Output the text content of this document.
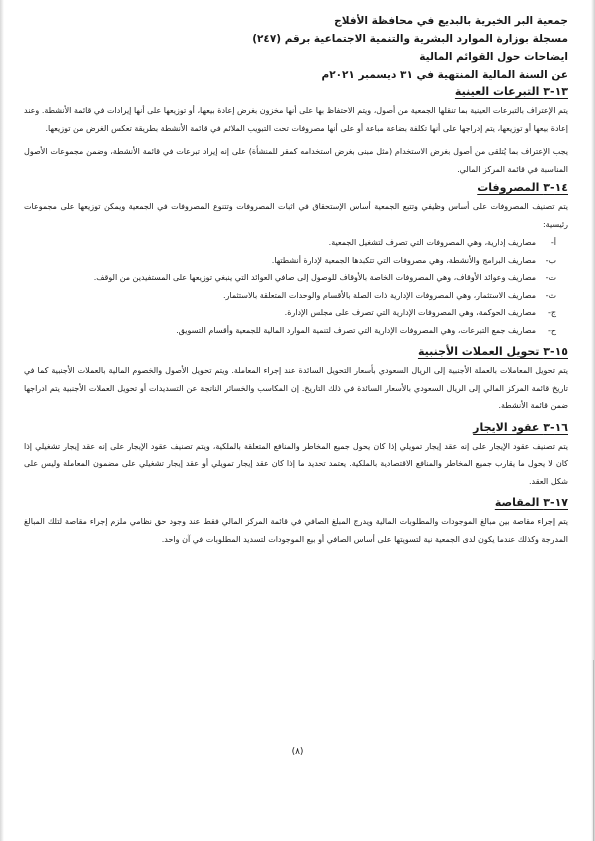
جمعية البر الخيرية بالبديع في محافظة الأفلاج
مسجلة بوزارة الموارد البشرية والتنمية الاجتماعية برقم (٢٤٧)
ايضاحات حول القوائم المالية
عن السنة المالية المنتهية في ٣١ ديسمبر ٢٠٢١م
١٣-٣ التبرعات العينية

يتم الإعتراف بالتبرعات العينية بما تنقلها الجمعية من أصول، ويتم الاحتفاظ بها على أنها مخزون بغرض إعادة بيعها، أو توزيعها على أنها إيرادات في قائمة الأنشطة. وعند إعادة بيعها أو توزيعها، يتم إدراجها على أنها تكلفة بضاعة مباعة أو على أنها مصروفات تحت التبويب الملائم في قائمة الأنشطة بطريقة تعكس الغرض من توزيعها.

يجب الإعتراف بما يُتلقى من أصول بغرض الاستخدام (مثل مبنى بغرض استخدامه كمقر للمنشأة) على إنه إيراد تبرعات في قائمة الأنشطة، وضمن مجموعات الأصول المناسبة في قائمة المركز المالي.

١٤-٣ المصروفات

يتم تصنيف المصروفات على أساس وظيفي وتتبع الجمعية أساس الإستحقاق في اثبات المصروفات وتتنوع المصروفات في الجمعية ويمكن توزيعها على مجموعات رئيسية:

أ-
مصاريف إدارية، وهي المصروفات التي تصرف لتشغيل الجمعية.
ب-
مصاريف البرامج والأنشطة، وهي مصروفات التي تتكبدها الجمعية لإدارة أنشطتها.
ت-
مصاريف وعوائد الأوقاف، وهي المصروفات الخاصة بالأوقاف للوصول إلى صافي العوائد التي ينبغي توزيعها على المستفيدين من الوقف.
ث-
مصاريف الاستثمار، وهي المصروفات الإدارية ذات الصلة بالأقسام والوحدات المتعلقة بالاستثمار.
ج-
مصاريف الحوكمة، وهي المصروفات الإدارية التي تصرف على مجلس الإدارة.
ح-
مصاريف جمع التبرعات، وهي المصروفات الإدارية التي تصرف لتنمية الموارد المالية للجمعية وأقسام التسويق.
١٥-٣ تحويل العملات الأجنبية

يتم تحويل المعاملات بالعملة الأجنبية إلى الريال السعودي بأسعار التحويل السائدة عند إجراء المعاملة. ويتم تحويل الأصول والخصوم المالية بالعملات الأجنبية كما في تاريخ قائمة المركز المالي إلى الريال السعودي بالأسعار السائدة في ذلك التاريخ. إن المكاسب والخسائر الناتجة عن التسديدات أو تحويل العملات الأجنبية يتم ادراجها ضمن قائمة الأنشطة.

١٦-٣ عقود الايجار

يتم تصنيف عقود الإيجار على إنه عقد إيجار تمويلي إذا كان يحول جميع المخاطر والمنافع المتعلقة بالملكية، ويتم تصنيف عقود الإيجار على إنه عقد إيجار تشغيلي إذا كان لا يحول ما يقارب جميع المخاطر والمنافع الاقتصادية بالملكية. يعتمد تحديد ما إذا كان عقد إيجار تمويلي أو عقد إيجار تشغيلي على مضمون المعاملة وليس على شكل العقد.

١٧-٣ المقاصة

يتم إجراء مقاصة بين مبالغ الموجودات والمطلوبات المالية ويدرج المبلغ الصافي في قائمة المركز المالي فقط عند وجود حق نظامي ملزم إجراء مقاصة لتلك المبالغ المدرجة وكذلك عندما يكون لدى الجمعية نية لتسويتها على أساس الصافي أو بيع الموجودات لتسديد المطلوبات في آن واحد.

(٨)
